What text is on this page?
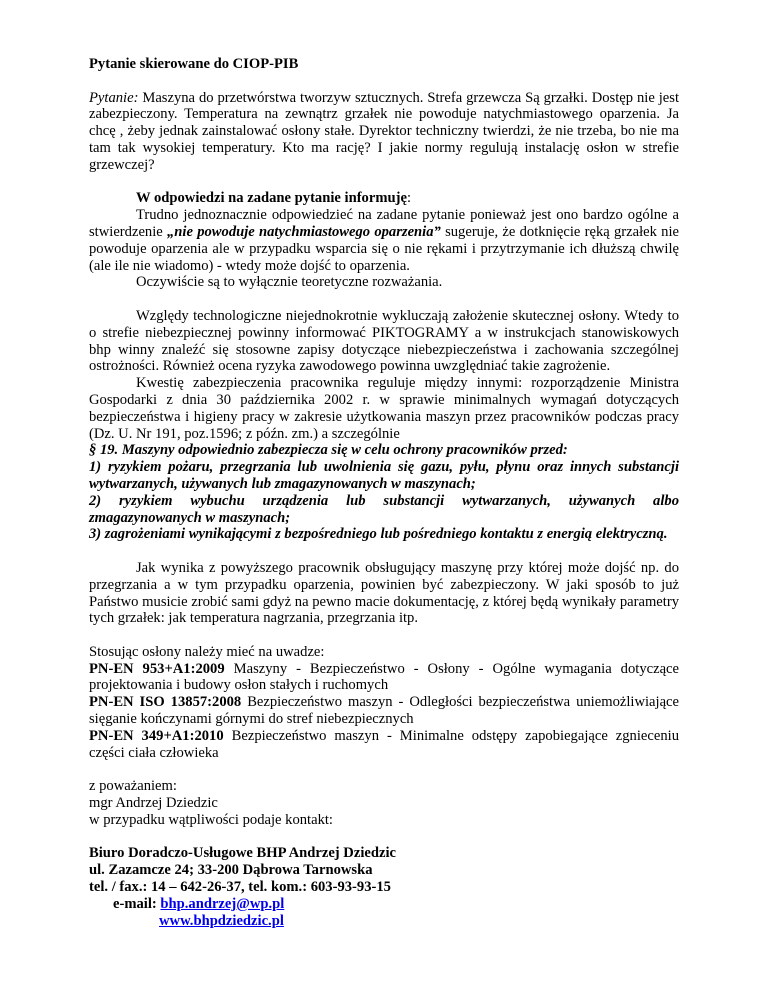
Pytanie skierowane do CIOP-PIB

Pytanie: Maszyna do przetwórstwa tworzyw sztucznych. Strefa grzewcza Są grzałki. Dostęp nie jest zabezpieczony. Temperatura na zewnątrz grzałek nie powoduje natychmiastowego oparzenia. Ja chcę , żeby jednak zainstalować osłony stałe. Dyrektor techniczny twierdzi, że nie trzeba, bo nie ma tam tak wysokiej temperatury. Kto ma rację? I jakie normy regulują instalację osłon w strefie grzewczej?

W odpowiedzi na zadane pytanie informuję:

Trudno jednoznacznie odpowiedzieć na zadane pytanie ponieważ jest ono bardzo ogólne a stwierdzenie „nie powoduje natychmiastowego oparzenia” sugeruje, że dotknięcie ręką grzałek nie powoduje oparzenia ale w przypadku wsparcia się o nie rękami i przytrzymanie ich dłuższą chwilę (ale ile nie wiadomo) - wtedy może dojść to oparzenia.

Oczywiście są to wyłącznie teoretyczne rozważania.

Względy technologiczne niejednokrotnie wykluczają założenie skutecznej osłony. Wtedy to o strefie niebezpiecznej powinny informować PIKTOGRAMY a w instrukcjach stanowiskowych bhp winny znaleźć się stosowne zapisy dotyczące niebezpieczeństwa i zachowania szczególnej ostrożności. Również ocena ryzyka zawodowego powinna uwzględniać takie zagrożenie.

Kwestię zabezpieczenia pracownika reguluje między innymi: rozporządzenie Ministra Gospodarki z dnia 30 października 2002 r. w sprawie minimalnych wymagań dotyczących bezpieczeństwa i higieny pracy w zakresie użytkowania maszyn przez pracowników podczas pracy (Dz. U. Nr 191, poz.1596; z późn. zm.) a szczególnie

§ 19. Maszyny odpowiednio zabezpiecza się w celu ochrony pracowników przed:

1) ryzykiem pożaru, przegrzania lub uwolnienia się gazu, pyłu, płynu oraz innych substancji wytwarzanych, używanych lub zmagazynowanych w maszynach;

2) ryzykiem wybuchu urządzenia lub substancji wytwarzanych, używanych albo zmagazynowanych w maszynach;

3) zagrożeniami wynikającymi z bezpośredniego lub pośredniego kontaktu z energią elektryczną.

Jak wynika z powyższego pracownik obsługujący maszynę przy której może dojść np. do przegrzania a w tym przypadku oparzenia, powinien być zabezpieczony. W jaki sposób to już Państwo musicie zrobić sami gdyż na pewno macie dokumentację, z której będą wynikały parametry tych grzałek: jak temperatura nagrzania, przegrzania itp.

Stosując osłony należy mieć na uwadze:

PN-EN 953+A1:2009 Maszyny - Bezpieczeństwo - Osłony - Ogólne wymagania dotyczące projektowania i budowy osłon stałych i ruchomych

PN-EN ISO 13857:2008 Bezpieczeństwo maszyn - Odległości bezpieczeństwa uniemożliwiające sięganie kończynami górnymi do stref niebezpiecznych

PN-EN 349+A1:2010 Bezpieczeństwo maszyn - Minimalne odstępy zapobiegające zgnieceniu części ciała człowieka

z poważaniem:

mgr Andrzej Dziedzic

w przypadku wątpliwości podaje kontakt:

Biuro Doradczo-Usługowe BHP Andrzej Dziedzic

ul. Zazamcze 24; 33-200 Dąbrowa Tarnowska

tel. / fax.: 14 – 642-26-37, tel. kom.: 603-93-93-15

e-mail: bhp.andrzej@wp.pl

www.bhpdziedzic.pl
